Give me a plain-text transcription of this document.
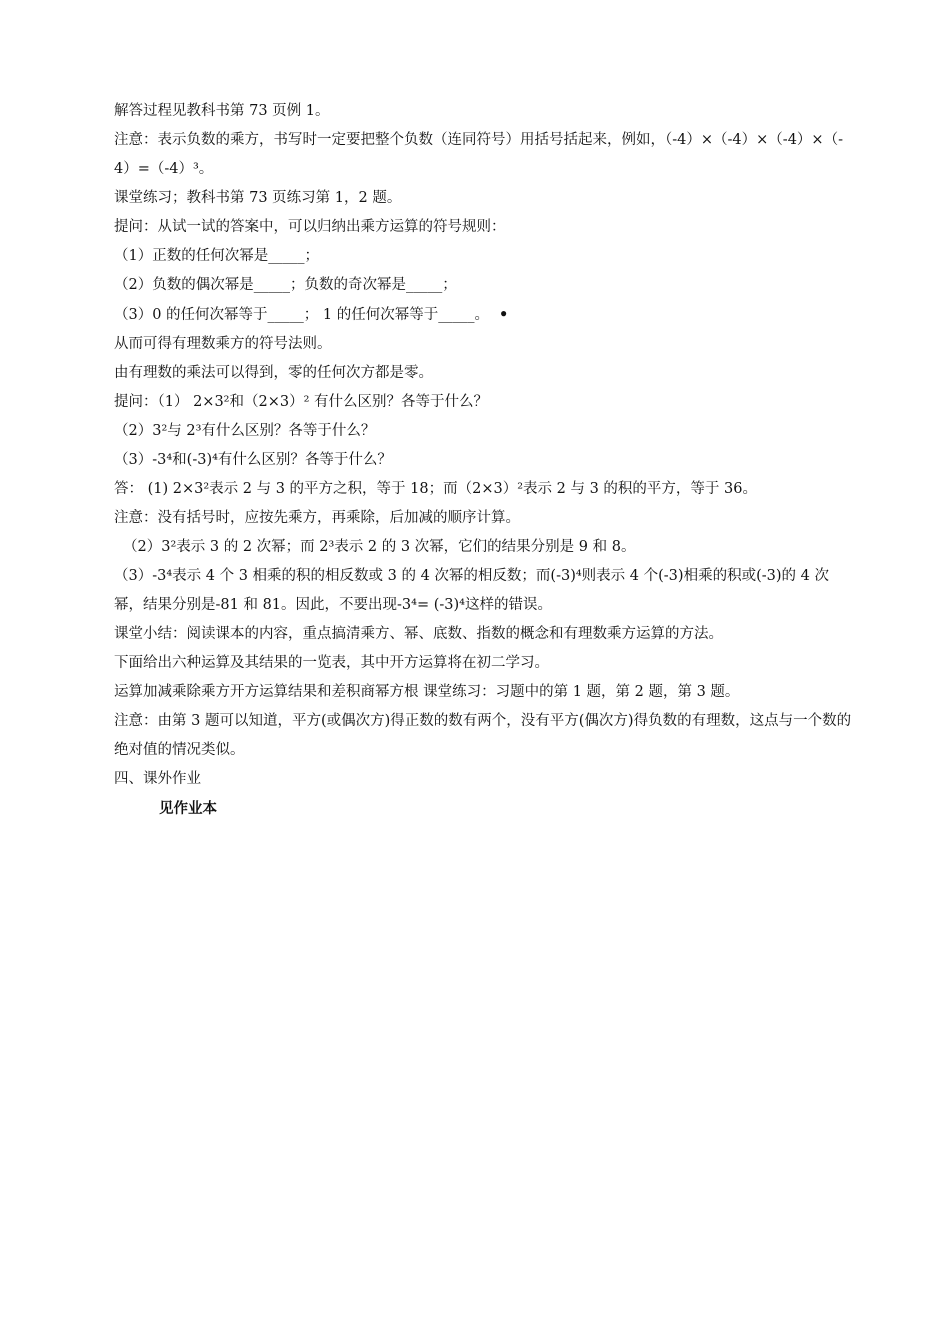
解答过程见教科书第 73 页例 1。
注意：表示负数的乘方，书写时一定要把整个负数（连同符号）用括号括起来，例如，（-4）×（-4）×（-4）×（-4）=（-4）³。
课堂练习；教科书第 73 页练习第 1，2 题。
提问：从试一试的答案中，可以归纳出乘方运算的符号规则：
（1）正数的任何次幂是_____；
（2）负数的偶次幂是_____；负数的奇次幂是_____；
（3）0 的任何次幂等于_____； 1 的任何次幂等于_____。 •
从而可得有理数乘方的符号法则。
由有理数的乘法可以得到，零的任何次方都是零。
提问：（1） 2×3²和（2×3）² 有什么区别？各等于什么？
（2）3²与 2³有什么区别？各等于什么？
（3）-3⁴和(-3)⁴有什么区别？各等于什么？
答： (1) 2×3²表示 2 与 3 的平方之积，等于 18；而（2×3）²表示 2 与 3 的积的平方，等于 36。
注意：没有括号时，应按先乘方，再乘除，后加减的顺序计算。
（2）3²表示 3 的 2 次幂；而 2³表示 2 的 3 次幂，它们的结果分别是 9 和 8。
（3）-3⁴表示 4 个 3 相乘的积的相反数或 3 的 4 次幂的相反数；而(-3)⁴则表示 4 个(-3)相乘的积或(-3)的 4 次幂，结果分别是-81 和 81。因此，不要出现-3⁴= (-3)⁴这样的错误。
课堂小结：阅读课本的内容，重点搞清乘方、幂、底数、指数的概念和有理数乘方运算的方法。
下面给出六种运算及其结果的一览表，其中开方运算将在初二学习。
运算加减乘除乘方开方运算结果和差积商幂方根 课堂练习：习题中的第 1 题，第 2 题，第 3 题。
注意：由第 3 题可以知道，平方(或偶次方)得正数的数有两个，没有平方(偶次方)得负数的有理数，这点与一个数的绝对值的情况类似。
四、课外作业
见作业本
